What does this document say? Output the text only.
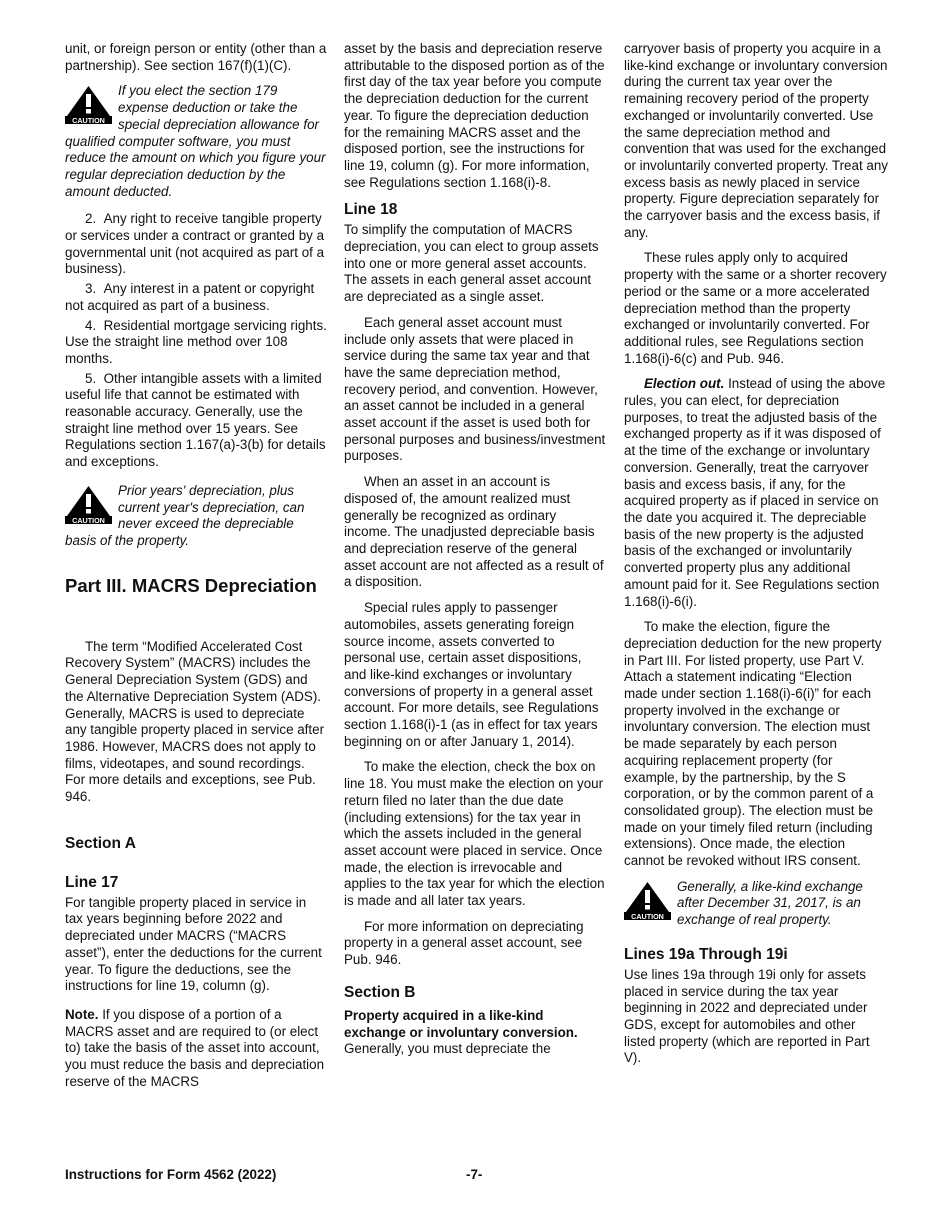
unit, or foreign person or entity (other than a partnership). See section 167(f)(1)(C).

CAUTION
If you elect the section 179 expense deduction or take the special depreciation allowance for qualified computer software, you must reduce the amount on which you figure your regular depreciation deduction by the amount deducted.

2.  Any right to receive tangible property or services under a contract or granted by a governmental unit (not acquired as part of a business).

3.  Any interest in a patent or copyright not acquired as part of a business.

4.  Residential mortgage servicing rights. Use the straight line method over 108 months.

5.  Other intangible assets with a limited useful life that cannot be estimated with reasonable accuracy. Generally, use the straight line method over 15 years. See Regulations section 1.167(a)-3(b) for details and exceptions.

CAUTION
Prior years' depreciation, plus current year's depreciation, can never exceed the depreciable basis of the property.
Part III. MACRS Depreciation

The term “Modified Accelerated Cost Recovery System” (MACRS) includes the General Depreciation System (GDS) and the Alternative Depreciation System (ADS). Generally, MACRS is used to depreciate any tangible property placed in service after 1986. However, MACRS does not apply to films, videotapes, and sound recordings. For more details and exceptions, see Pub. 946.

Section A
Line 17

For tangible property placed in service in tax years beginning before 2022 and depreciated under MACRS (“MACRS asset”), enter the deductions for the current year. To figure the deductions, see the instructions for line 19, column (g).

Note. If you dispose of a portion of a MACRS asset and are required to (or elect to) take the basis of the asset into account, you must reduce the basis and depreciation reserve of the MACRS

asset by the basis and depreciation reserve attributable to the disposed portion as of the first day of the tax year before you compute the depreciation deduction for the current year. To figure the depreciation deduction for the remaining MACRS asset and the disposed portion, see the instructions for line 19, column (g). For more information, see Regulations section 1.168(i)-8.

Line 18

To simplify the computation of MACRS depreciation, you can elect to group assets into one or more general asset accounts. The assets in each general asset account are depreciated as a single asset.

Each general asset account must include only assets that were placed in service during the same tax year and that have the same depreciation method, recovery period, and convention. However, an asset cannot be included in a general asset account if the asset is used both for personal purposes and business/investment purposes.

When an asset in an account is disposed of, the amount realized must generally be recognized as ordinary income. The unadjusted depreciable basis and depreciation reserve of the general asset account are not affected as a result of a disposition.

Special rules apply to passenger automobiles, assets generating foreign source income, assets converted to personal use, certain asset dispositions, and like-kind exchanges or involuntary conversions of property in a general asset account. For more details, see Regulations section 1.168(i)-1 (as in effect for tax years beginning on or after January 1, 2014).

To make the election, check the box on line 18. You must make the election on your return filed no later than the due date (including extensions) for the tax year in which the assets included in the general asset account were placed in service. Once made, the election is irrevocable and applies to the tax year for which the election is made and all later tax years.

For more information on depreciating property in a general asset account, see Pub. 946.

Section B

Property acquired in a like-kind exchange or involuntary conversion. Generally, you must depreciate the

carryover basis of property you acquire in a like-kind exchange or involuntary conversion during the current tax year over the remaining recovery period of the property exchanged or involuntarily converted. Use the same depreciation method and convention that was used for the exchanged or involuntarily converted property. Treat any excess basis as newly placed in service property. Figure depreciation separately for the carryover basis and the excess basis, if any.

These rules apply only to acquired property with the same or a shorter recovery period or the same or a more accelerated depreciation method than the property exchanged or involuntarily converted. For additional rules, see Regulations section 1.168(i)-6(c) and Pub. 946.

Election out. Instead of using the above rules, you can elect, for depreciation purposes, to treat the adjusted basis of the exchanged property as if it was disposed of at the time of the exchange or involuntary conversion. Generally, treat the carryover basis and excess basis, if any, for the acquired property as if placed in service on the date you acquired it. The depreciable basis of the new property is the adjusted basis of the exchanged or involuntarily converted property plus any additional amount paid for it. See Regulations section 1.168(i)-6(i).

To make the election, figure the depreciation deduction for the new property in Part III. For listed property, use Part V. Attach a statement indicating “Election made under section 1.168(i)-6(i)” for each property involved in the exchange or involuntary conversion. The election must be made separately by each person acquiring replacement property (for example, by the partnership, by the S corporation, or by the common parent of a consolidated group). The election must be made on your timely filed return (including extensions). Once made, the election cannot be revoked without IRS consent.

CAUTION
Generally, a like-kind exchange after December 31, 2017, is an exchange of real property.
Lines 19a Through 19i

Use lines 19a through 19i only for assets placed in service during the tax year beginning in 2022 and depreciated under GDS, except for automobiles and other listed property (which are reported in Part V).

Instructions for Form 4562 (2022)	-7-
